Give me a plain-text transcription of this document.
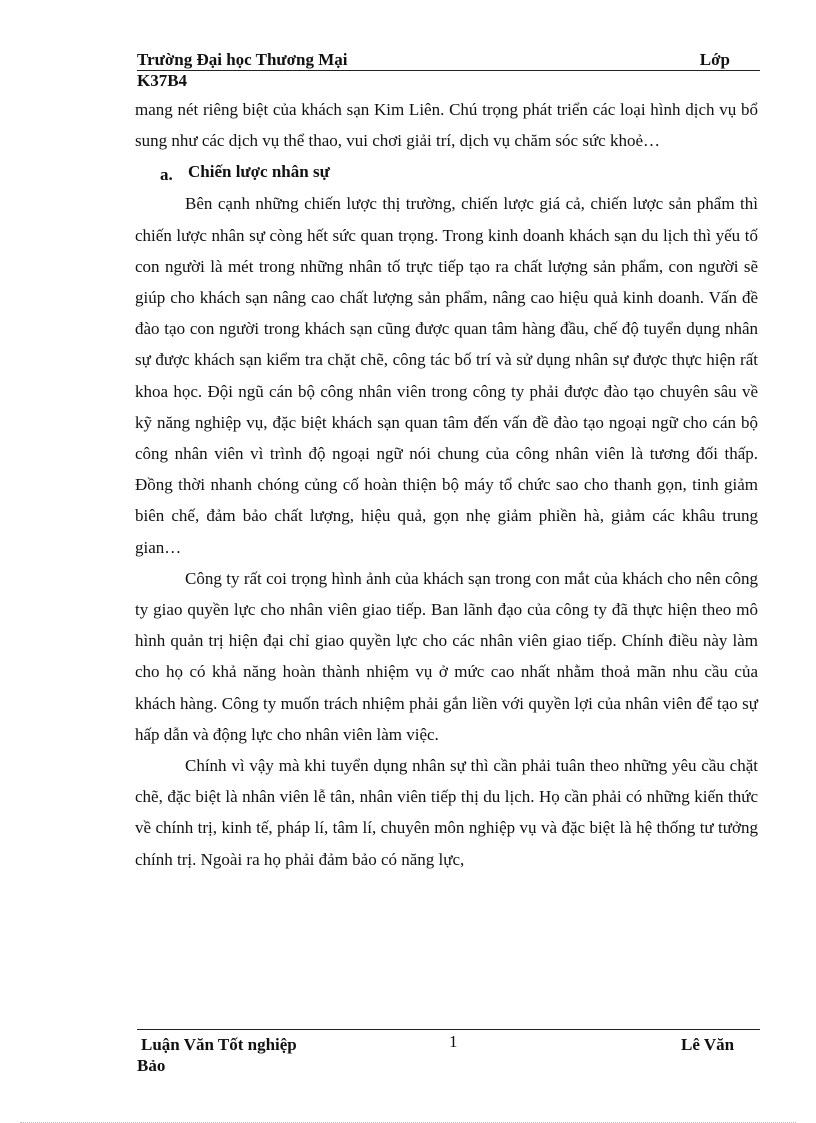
Trường Đại học Thương Mại	Lớp
K37B4

mang nét riêng biệt của khách sạn Kim Liên. Chú trọng phát triển các loại hình dịch vụ bổ sung như các dịch vụ thể thao, vui chơi giải trí, dịch vụ chăm sóc sức khoẻ…

a. Chiến lược nhân sự

Bên cạnh những chiến lược thị trường, chiến lược giá cả, chiến lược sản phẩm thì chiến lược nhân sự còng hết sức quan trọng. Trong kinh doanh khách sạn du lịch thì yếu tố con người là mét trong những nhân tố trực tiếp tạo ra chất lượng sản phẩm, con người sẽ giúp cho khách sạn nâng cao chất lượng sản phẩm, nâng cao hiệu quả kinh doanh. Vấn đề đào tạo con người trong khách sạn cũng được quan tâm hàng đầu, chế độ tuyển dụng nhân sự được khách sạn kiểm tra chặt chẽ, công tác bố trí và sử dụng nhân sự được thực hiện rất khoa học. Đội ngũ cán bộ công nhân viên trong công ty phải được đào tạo chuyên sâu về kỹ năng nghiệp vụ, đặc biệt khách sạn quan tâm đến vấn đề đào tạo ngoại ngữ cho cán bộ công nhân viên vì trình độ ngoại ngữ nói chung của công nhân viên là tương đối thấp. Đồng thời nhanh chóng củng cố hoàn thiện bộ máy tổ chức sao cho thanh gọn, tinh giảm biên chế, đảm bảo chất lượng, hiệu quả, gọn nhẹ giảm phiền hà, giảm các khâu trung gian…

Công ty rất coi trọng hình ảnh của khách sạn trong con mắt của khách cho nên công ty giao quyền lực cho nhân viên giao tiếp. Ban lãnh đạo của công ty đã thực hiện theo mô hình quản trị hiện đại chỉ giao quyền lực cho các nhân viên giao tiếp. Chính điều này làm cho họ có khả năng hoàn thành nhiệm vụ ở mức cao nhất nhằm thoả mãn nhu cầu của khách hàng. Công ty muốn trách nhiệm phải gắn liền với quyền lợi của nhân viên để tạo sự hấp dẫn và động lực cho nhân viên làm việc.

Chính vì vậy mà khi tuyển dụng nhân sự thì cần phải tuân theo những yêu cầu chặt chẽ, đặc biệt là nhân viên lễ tân, nhân viên tiếp thị du lịch. Họ cần phải có những kiến thức về chính trị, kinh tế, pháp lí, tâm lí, chuyên môn nghiệp vụ và đặc biệt là hệ thống tư tưởng chính trị. Ngoài ra họ phải đảm bảo có năng lực,

Luận Văn Tốt nghiệp	1	Lê Văn
Bảo
